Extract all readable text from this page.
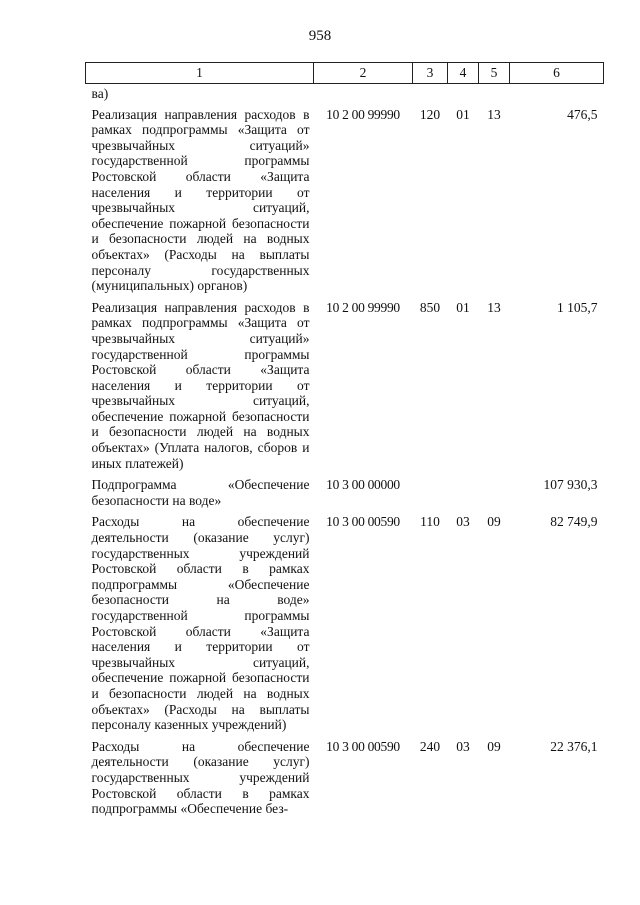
958
1	2	3	4	5	6
ва)					
Реализация направления расходов в рамках подпрограммы «Защита от чрезвычайных ситуаций» государственной программы Ростовской области «Защита населения и территории от чрезвычайных ситуаций, обеспечение пожарной безопасности и безопасности людей на водных объектах» (Расходы на выплаты персоналу государственных (муниципальных) органов)	10 2 00 99990	120	01	13	476,5
Реализация направления расходов в рамках подпрограммы «Защита от чрезвычайных ситуаций» государственной программы Ростовской области «Защита населения и территории от чрезвычайных ситуаций, обеспечение пожарной безопасности и безопасности людей на водных объектах» (Уплата налогов, сборов и иных платежей)	10 2 00 99990	850	01	13	1 105,7
Подпрограмма «Обеспечение безопасности на воде»	10 3 00 00000				107 930,3
Расходы на обеспечение деятельности (оказание услуг) государственных учреждений Ростовской области в рамках подпрограммы «Обеспечение безопасности на воде» государственной программы Ростовской области «Защита населения и территории от чрезвычайных ситуаций, обеспечение пожарной безопасности и безопасности людей на водных объектах» (Расходы на выплаты персоналу казенных учреждений)	10 3 00 00590	110	03	09	82 749,9
Расходы на обеспечение деятельности (оказание услуг) государственных учреждений Ростовской области в рамках подпрограммы «Обеспечение без-	10 3 00 00590	240	03	09	22 376,1
